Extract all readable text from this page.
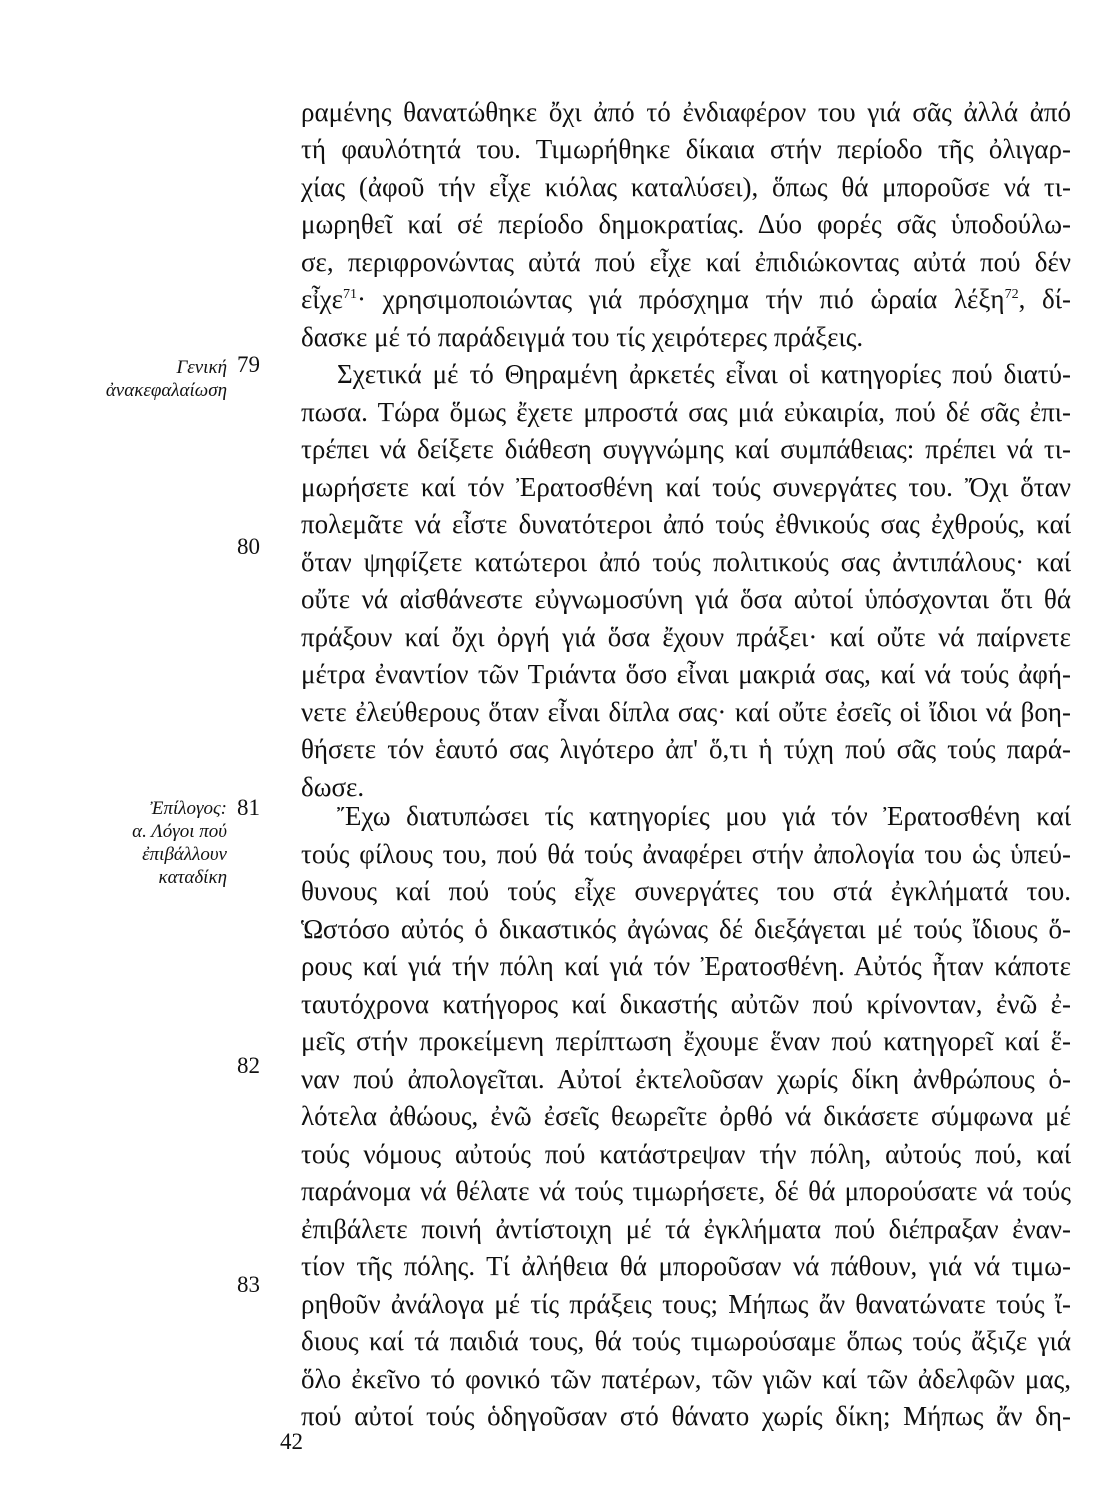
Γενική
ἀνακεφαλαίωση
Ἐπίλογος:
α. Λόγοι πού
ἐπιβάλλουν
καταδίκη
79
80
81
82
83
ραμένης θανατώθηκε ὄχι ἀπό τό ἐνδιαφέρον του γιά σᾶς ἀλλά ἀπό
τή φαυλότητά του. Τιμωρήθηκε δίκαια στήν περίοδο τῆς ὀλιγαρ-
χίας (ἀφοῦ τήν εἶχε κιόλας καταλύσει), ὅπως θά μποροῦσε νά τι-
μωρηθεῖ καί σέ περίοδο δημοκρατίας. Δύο φορές σᾶς ὑποδούλω-
σε, περιφρονώντας αὐτά πού εἶχε καί ἐπιδιώκοντας αὐτά πού δέν
εἶχε$^{71}$· χρησιμοποιώντας γιά πρόσχημα τήν πιό ὡραία λέξη$^{72}$, δί-
δασκε μέ τό παράδειγμά του τίς χειρότερες πράξεις.
Σχετικά μέ τό Θηραμένη ἀρκετές εἶναι οἱ κατηγορίες πού διατύ-
πωσα. Τώρα ὅμως ἔχετε μπροστά σας μιά εὐκαιρία, πού δέ σᾶς ἐπι-
τρέπει νά δείξετε διάθεση συγγνώμης καί συμπάθειας: πρέπει νά τι-
μωρήσετε καί τόν Ἐρατοσθένη καί τούς συνεργάτες του. Ὄχι ὅταν
πολεμᾶτε νά εἶστε δυνατότεροι ἀπό τούς ἐθνικούς σας ἐχθρούς, καί
ὅταν ψηφίζετε κατώτεροι ἀπό τούς πολιτικούς σας ἀντιπάλους· καί
οὔτε νά αἰσθάνεστε εὐγνωμοσύνη γιά ὅσα αὐτοί ὑπόσχονται ὅτι θά
πράξουν καί ὄχι ὀργή γιά ὅσα ἔχουν πράξει· καί οὔτε νά παίρνετε
μέτρα ἐναντίον τῶν Τριάντα ὅσο εἶναι μακριά σας, καί νά τούς ἀφή-
νετε ἐλεύθερους ὅταν εἶναι δίπλα σας· καί οὔτε ἐσεῖς οἱ ἴδιοι νά βοη-
θήσετε τόν ἑαυτό σας λιγότερο ἀπ' ὅ,τι ἡ τύχη πού σᾶς τούς παρά-
δωσε.
Ἔχω διατυπώσει τίς κατηγορίες μου γιά τόν Ἐρατοσθένη καί
τούς φίλους του, πού θά τούς ἀναφέρει στήν ἀπολογία του ὡς ὑπεύ-
θυνους καί πού τούς εἶχε συνεργάτες του στά ἐγκλήματά του.
Ὡστόσο αὐτός ὁ δικαστικός ἀγώνας δέ διεξάγεται μέ τούς ἴδιους ὅ-
ρους καί γιά τήν πόλη καί γιά τόν Ἐρατοσθένη. Αὐτός ἦταν κάποτε
ταυτόχρονα κατήγορος καί δικαστής αὐτῶν πού κρίνονταν, ἐνῶ ἐ-
μεῖς στήν προκείμενη περίπτωση ἔχουμε ἕναν πού κατηγορεῖ καί ἕ-
ναν πού ἀπολογεῖται. Αὐτοί ἐκτελοῦσαν χωρίς δίκη ἀνθρώπους ὁ-
λότελα ἀθώους, ἐνῶ ἐσεῖς θεωρεῖτε ὀρθό νά δικάσετε σύμφωνα μέ
τούς νόμους αὐτούς πού κατάστρεψαν τήν πόλη, αὐτούς πού, καί
παράνομα νά θέλατε νά τούς τιμωρήσετε, δέ θά μπορούσατε νά τούς
ἐπιβάλετε ποινή ἀντίστοιχη μέ τά ἐγκλήματα πού διέπραξαν ἐναν-
τίον τῆς πόλης. Τί ἀλήθεια θά μποροῦσαν νά πάθουν, γιά νά τιμω-
ρηθοῦν ἀνάλογα μέ τίς πράξεις τους; Μήπως ἄν θανατώνατε τούς ἴ-
διους καί τά παιδιά τους, θά τούς τιμωρούσαμε ὅπως τούς ἄξιζε γιά
ὅλο ἐκεῖνο τό φονικό τῶν πατέρων, τῶν γιῶν καί τῶν ἀδελφῶν μας,
πού αὐτοί τούς ὁδηγοῦσαν στό θάνατο χωρίς δίκη; Μήπως ἄν δη-
42
